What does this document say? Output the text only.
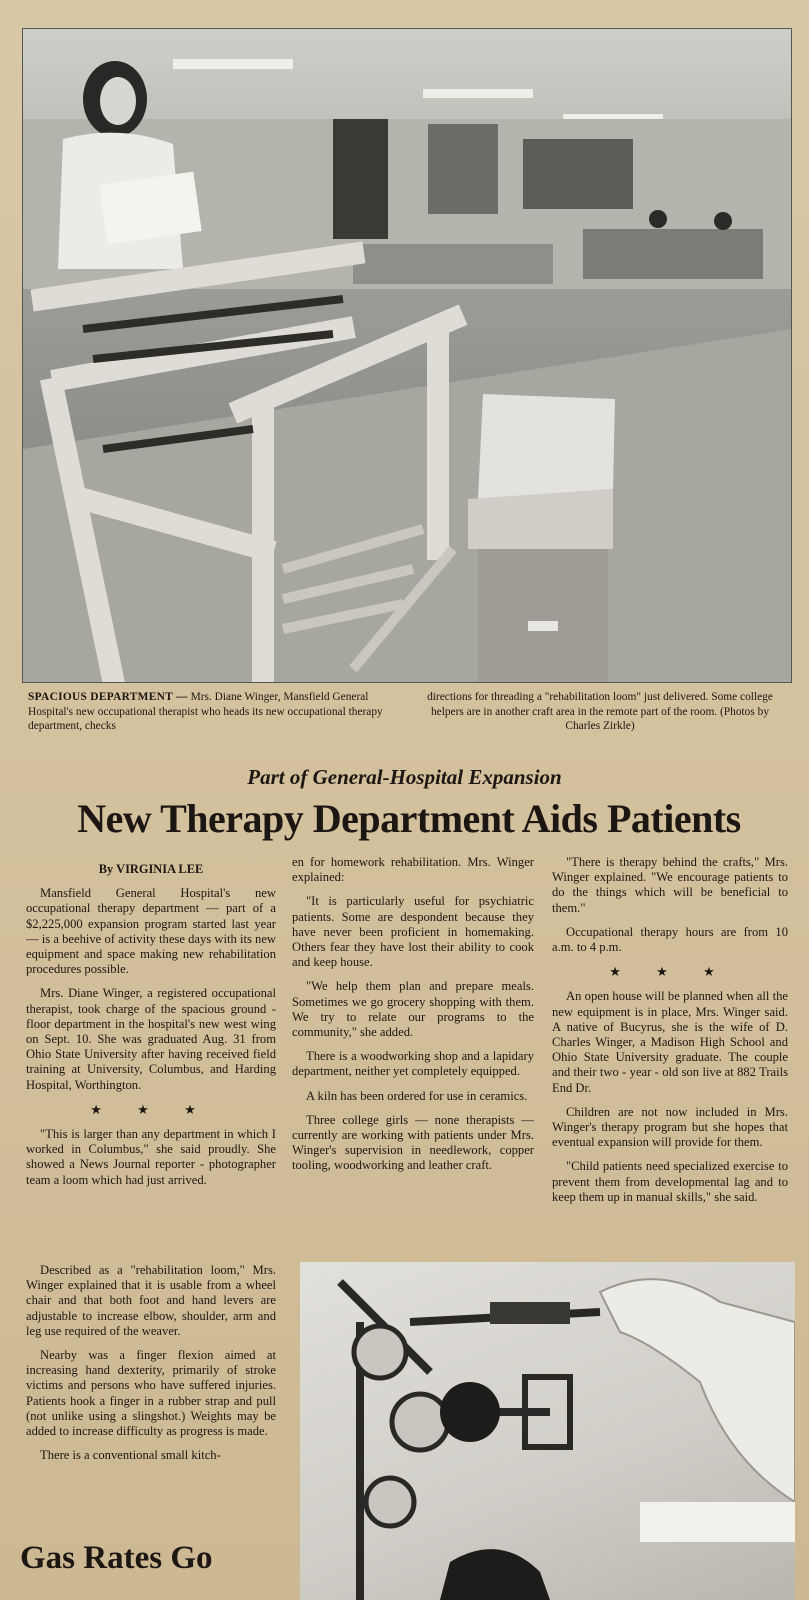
SPACIOUS DEPARTMENT — Mrs. Diane Winger, Mansfield General Hospital's new occupational therapist who heads its new occupational therapy department, checks
directions for threading a "rehabilitation loom" just delivered. Some college helpers are in another craft area in the remote part of the room. (Photos by Charles Zirkle)
Part of General-Hospital Expansion
New Therapy Department Aids Patients

By VIRGINIA LEE

Mansfield General Hospital's new occupational therapy department — part of a $2,225,000 expansion program started last year — is a beehive of activity these days with its new equipment and space making new rehabilitation procedures possible.

Mrs. Diane Winger, a registered occupational therapist, took charge of the spacious ground - floor department in the hospital's new west wing on Sept. 10. She was graduated Aug. 31 from Ohio State University after having received field training at University, Columbus, and Harding Hospital, Worthington.

★ ★ ★

"This is larger than any department in which I worked in Columbus," she said proudly. She showed a News Journal reporter - photographer team a loom which had just arrived.

en for homework rehabilitation. Mrs. Winger explained:

"It is particularly useful for psychiatric patients. Some are despondent because they have never been proficient in homemaking. Others fear they have lost their ability to cook and keep house.

"We help them plan and prepare meals. Sometimes we go grocery shopping with them. We try to relate our programs to the community," she added.

There is a woodworking shop and a lapidary department, neither yet completely equipped.

A kiln has been ordered for use in ceramics.

Three college girls — none therapists — currently are working with patients under Mrs. Winger's supervision in needlework, copper tooling, woodworking and leather craft.

"There is therapy behind the crafts," Mrs. Winger explained. "We encourage patients to do the things which will be beneficial to them."

Occupational therapy hours are from 10 a.m. to 4 p.m.

★ ★ ★

An open house will be planned when all the new equipment is in place, Mrs. Winger said. A native of Bucyrus, she is the wife of D. Charles Winger, a Madison High School and Ohio State University graduate. The couple and their two - year - old son live at 882 Trails End Dr.

Children are not now included in Mrs. Winger's therapy program but she hopes that eventual expansion will provide for them.

"Child patients need specialized exercise to prevent them from developmental lag and to keep them up in manual skills," she said.

Described as a "rehabilitation loom," Mrs. Winger explained that it is usable from a wheel chair and that both foot and hand levers are adjustable to increase elbow, shoulder, arm and leg use required of the weaver.

Nearby was a finger flexion aimed at increasing hand dexterity, primarily of stroke victims and persons who have suffered injuries. Patients hook a finger in a rubber strap and pull (not unlike using a slingshot.) Weights may be added to increase difficulty as progress is made.

There is a conventional small kitch-

Gas Rates Go
